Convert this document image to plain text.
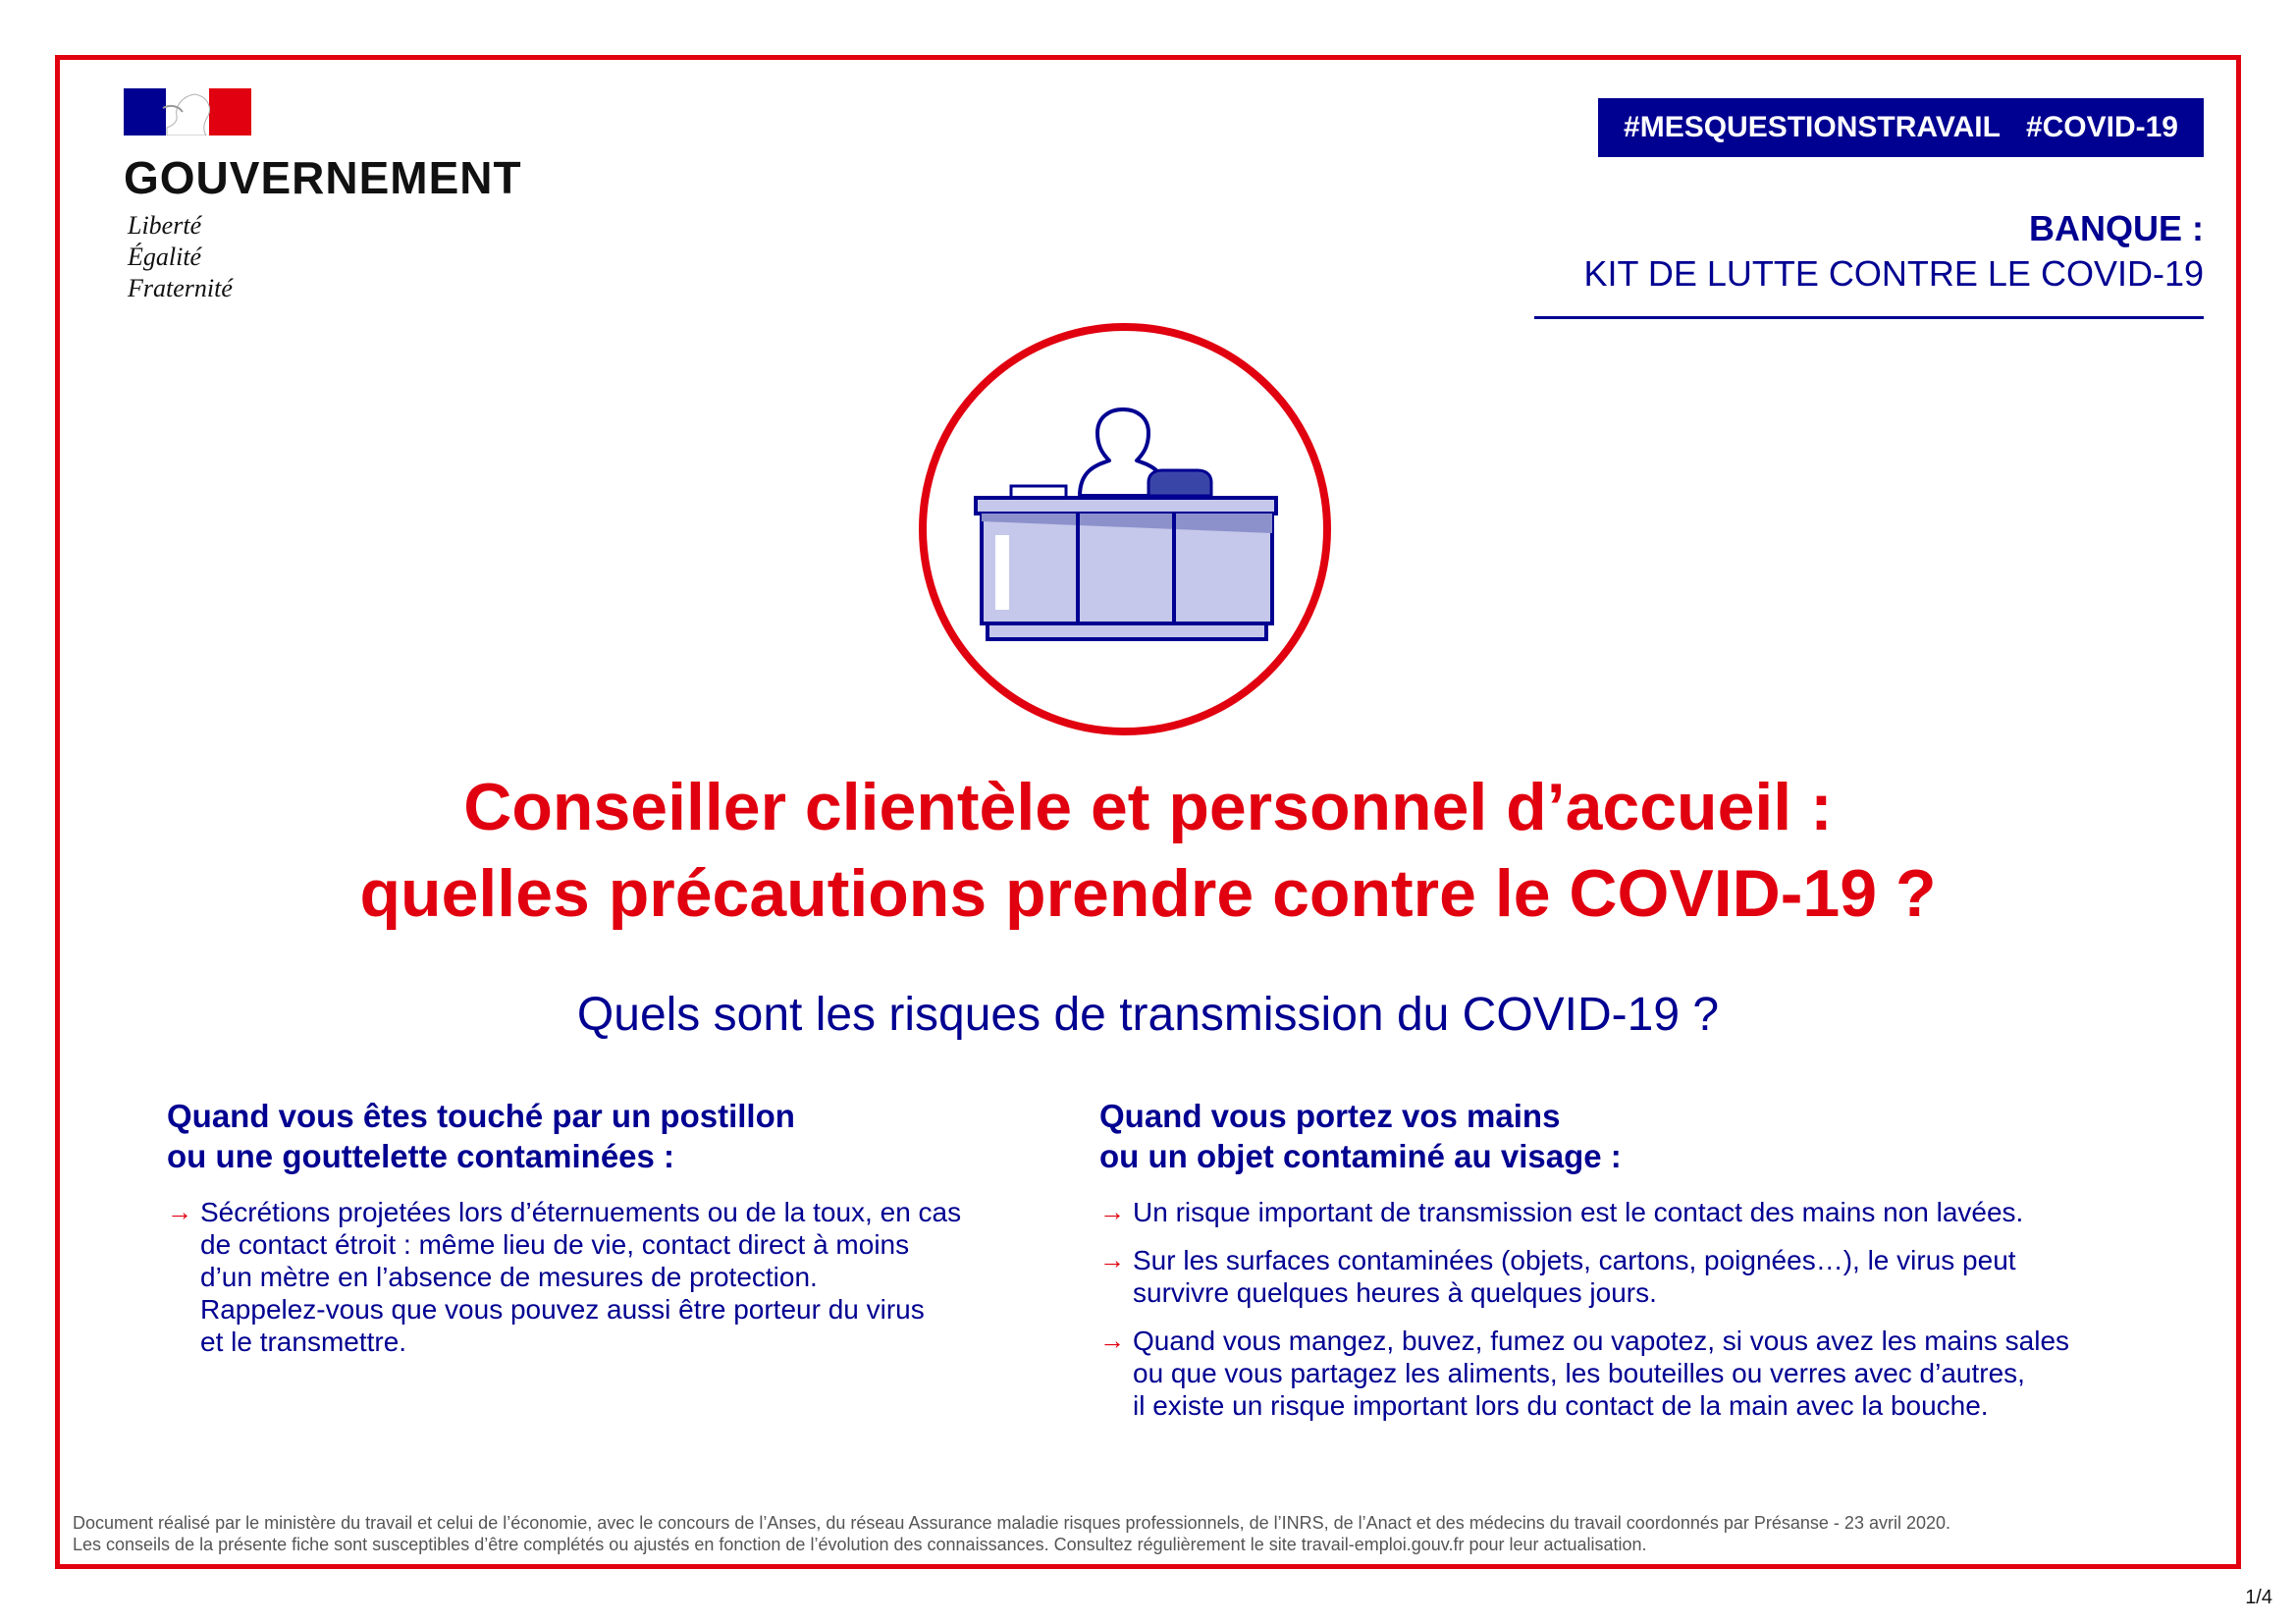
GOUVERNEMENT
Liberté
Égalité
Fraternité
#MESQUESTIONSTRAVAIL #COVID-19
BANQUE :
KIT DE LUTTE CONTRE LE COVID-19
Conseiller clientèle et personnel d’accueil :
quelles précautions prendre contre le COVID-19 ?
Quels sont les risques de transmission du COVID-19 ?
Quand vous êtes touché par un postillon
ou une gouttelette contaminées :
→ Sécrétions projetées lors d’éternuements ou de la toux, en cas
de contact étroit : même lieu de vie, contact direct à moins
d’un mètre en l’absence de mesures de protection.
Rappelez-vous que vous pouvez aussi être porteur du virus
et le transmettre.
Quand vous portez vos mains
ou un objet contaminé au visage :
→ Un risque important de transmission est le contact des mains non lavées.
→ Sur les surfaces contaminées (objets, cartons, poignées…), le virus peut
survivre quelques heures à quelques jours.
→ Quand vous mangez, buvez, fumez ou vapotez, si vous avez les mains sales
ou que vous partagez les aliments, les bouteilles ou verres avec d’autres,
il existe un risque important lors du contact de la main avec la bouche.
Document réalisé par le ministère du travail et celui de l’économie, avec le concours de l’Anses, du réseau Assurance maladie risques professionnels, de l’INRS, de l’Anact et des médecins du travail coordonnés par Présanse - 23 avril 2020.
Les conseils de la présente fiche sont susceptibles d’être complétés ou ajustés en fonction de l’évolution des connaissances. Consultez régulièrement le site travail-emploi.gouv.fr pour leur actualisation.
1/4
